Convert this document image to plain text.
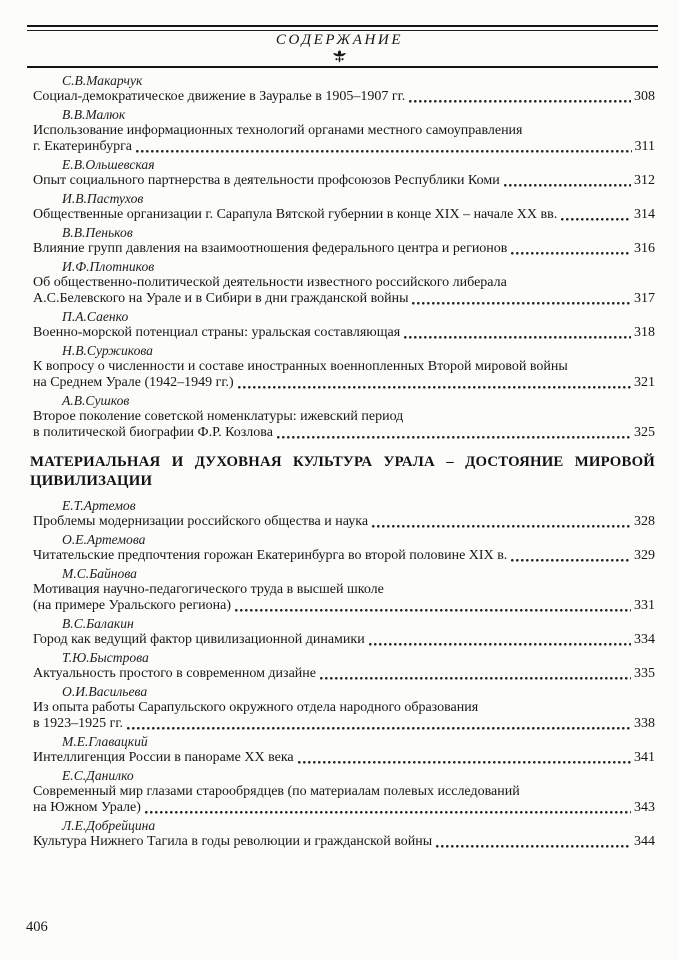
СОДЕРЖАНИЕ
С.В.Макарчук
Социал-демократическое движение в Зауралье в 1905–1907 гг.	308
В.В.Малюк
Использование информационных технологий органами местного самоуправления
г. Екатеринбурга	311
Е.В.Ольшевская
Опыт социального партнерства в деятельности профсоюзов Республики Коми	312
И.В.Пастухов
Общественные организации г. Сарапула Вятской губернии в конце XIX – начале XX вв.	314
В.В.Пеньков
Влияние групп давления на взаимоотношения федерального центра и регионов	316
И.Ф.Плотников
Об общественно-политической деятельности известного российского либерала
А.С.Белевского на Урале и в Сибири в дни гражданской войны	317
П.А.Саенко
Военно-морской потенциал страны: уральская составляющая	318
Н.В.Суржикова
К вопросу о численности и составе иностранных военнопленных Второй мировой войны
на Среднем Урале (1942–1949 гг.)	321
А.В.Сушков
Второе поколение советской номенклатуры: ижевский период
в политической биографии Ф.Р. Козлова	325
МАТЕРИАЛЬНАЯ И ДУХОВНАЯ КУЛЬТУРА УРАЛА – ДОСТОЯНИЕ МИРОВОЙ ЦИВИЛИЗАЦИИ
Е.Т.Артемов
Проблемы модернизации российского общества и наука	328
О.Е.Артемова
Читательские предпочтения горожан Екатеринбурга во второй половине XIX в.	329
М.С.Байнова
Мотивация научно-педагогического труда в высшей школе
(на примере Уральского региона)	331
В.С.Балакин
Город как ведущий фактор цивилизационной динамики	334
Т.Ю.Быстрова
Актуальность простого в современном дизайне	335
О.И.Васильева
Из опыта работы Сарапульского окружного отдела народного образования
в 1923–1925 гг.	338
М.Е.Главацкий
Интеллигенция России в панораме XX века	341
Е.С.Данилко
Современный мир глазами старообрядцев (по материалам полевых исследований
на Южном Урале)	343
Л.Е.Добрейцина
Культура Нижнего Тагила в годы революции и гражданской войны	344
406
